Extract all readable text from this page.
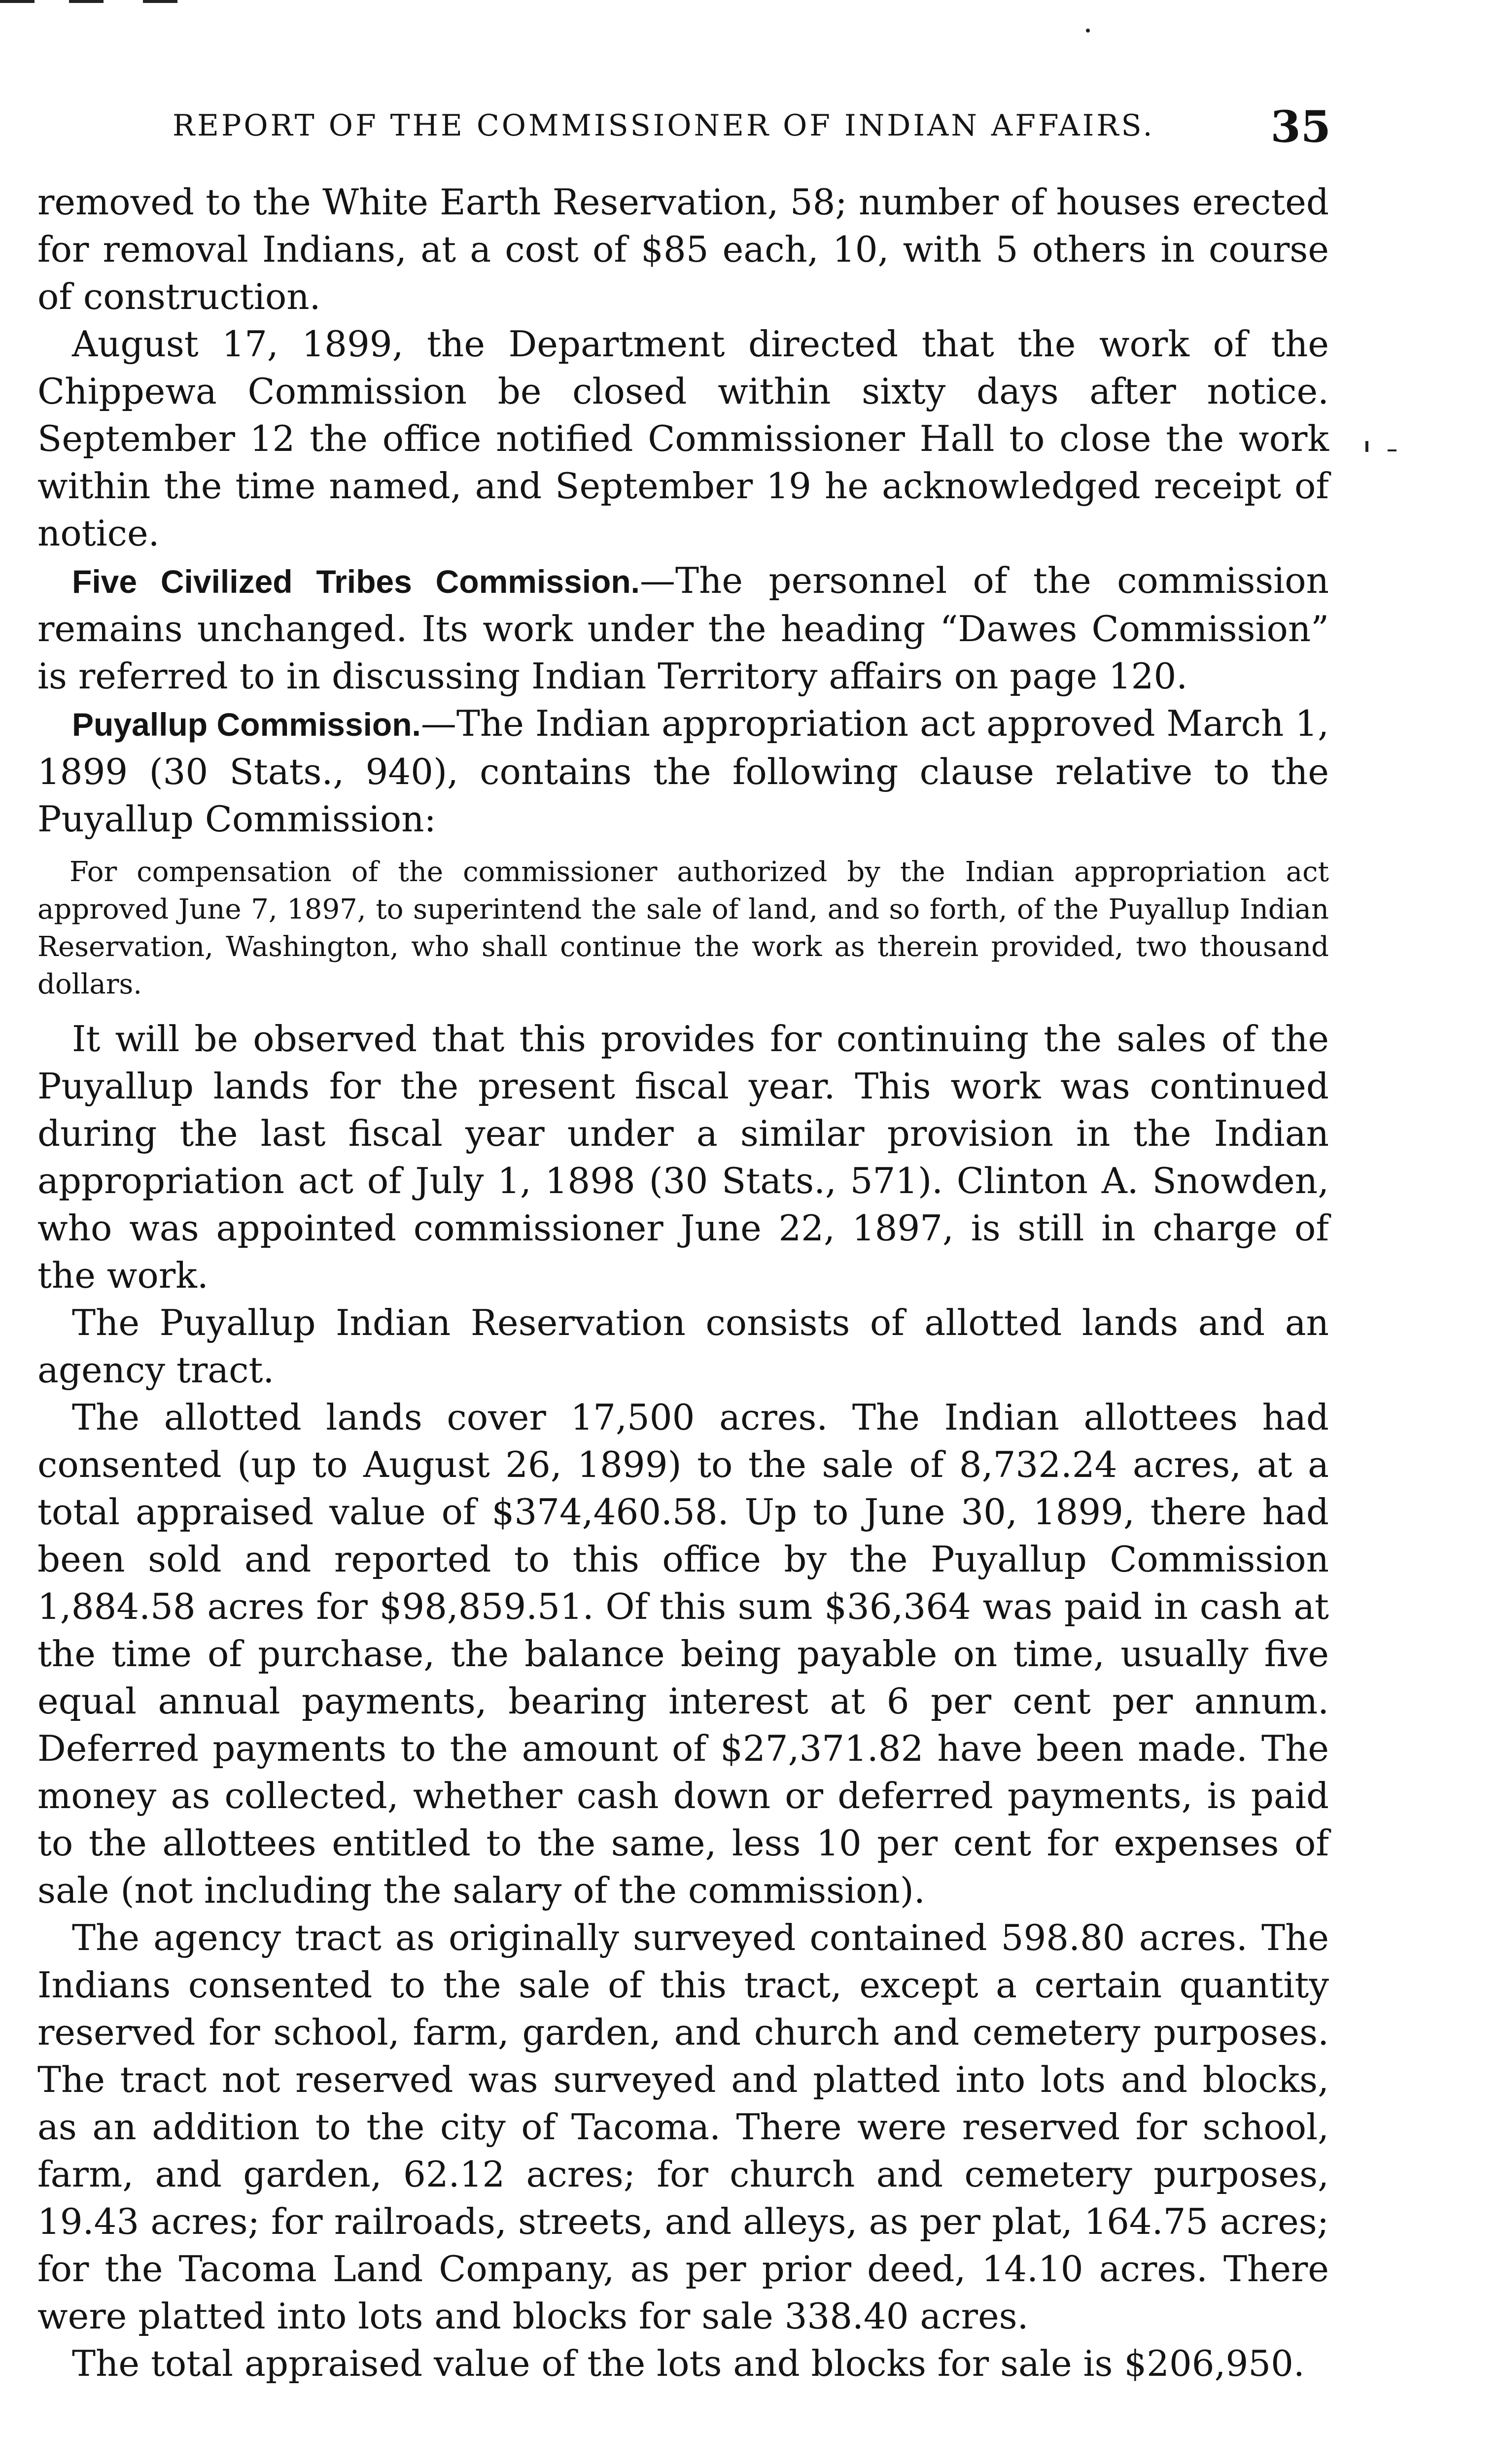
REPORT OF THE COMMISSIONER OF INDIAN AFFAIRS.	35

removed to the White Earth Reservation, 58; number of houses erected for removal Indians, at a cost of $85 each, 10, with 5 others in course of construction.

August 17, 1899, the Department directed that the work of the Chippewa Commission be closed within sixty days after notice. September 12 the office notified Commissioner Hall to close the work within the time named, and September 19 he acknowledged receipt of notice.

Five Civilized Tribes Commission.—The personnel of the commission remains unchanged. Its work under the heading “Dawes Commission” is referred to in discussing Indian Territory affairs on page 120.

Puyallup Commission.—The Indian appropriation act approved March 1, 1899 (30 Stats., 940), contains the following clause relative to the Puyallup Commission:

For compensation of the commissioner authorized by the Indian appropriation act approved June 7, 1897, to superintend the sale of land, and so forth, of the Puyallup Indian Reservation, Washington, who shall continue the work as therein provided, two thousand dollars.

It will be observed that this provides for continuing the sales of the Puyallup lands for the present fiscal year. This work was continued during the last fiscal year under a similar provision in the Indian appropriation act of July 1, 1898 (30 Stats., 571). Clinton A. Snowden, who was appointed commissioner June 22, 1897, is still in charge of the work.

The Puyallup Indian Reservation consists of allotted lands and an agency tract.

The allotted lands cover 17,500 acres. The Indian allottees had consented (up to August 26, 1899) to the sale of 8,732.24 acres, at a total appraised value of $374,460.58. Up to June 30, 1899, there had been sold and reported to this office by the Puyallup Commission 1,884.58 acres for $98,859.51. Of this sum $36,364 was paid in cash at the time of purchase, the balance being payable on time, usually five equal annual payments, bearing interest at 6 per cent per annum. Deferred payments to the amount of $27,371.82 have been made. The money as collected, whether cash down or deferred payments, is paid to the allottees entitled to the same, less 10 per cent for expenses of sale (not including the salary of the commission).

The agency tract as originally surveyed contained 598.80 acres. The Indians consented to the sale of this tract, except a certain quantity reserved for school, farm, garden, and church and cemetery purposes. The tract not reserved was surveyed and platted into lots and blocks, as an addition to the city of Tacoma. There were reserved for school, farm, and garden, 62.12 acres; for church and cemetery purposes, 19.43 acres; for railroads, streets, and alleys, as per plat, 164.75 acres; for the Tacoma Land Company, as per prior deed, 14.10 acres. There were platted into lots and blocks for sale 338.40 acres.

The total appraised value of the lots and blocks for sale is $206,950.
